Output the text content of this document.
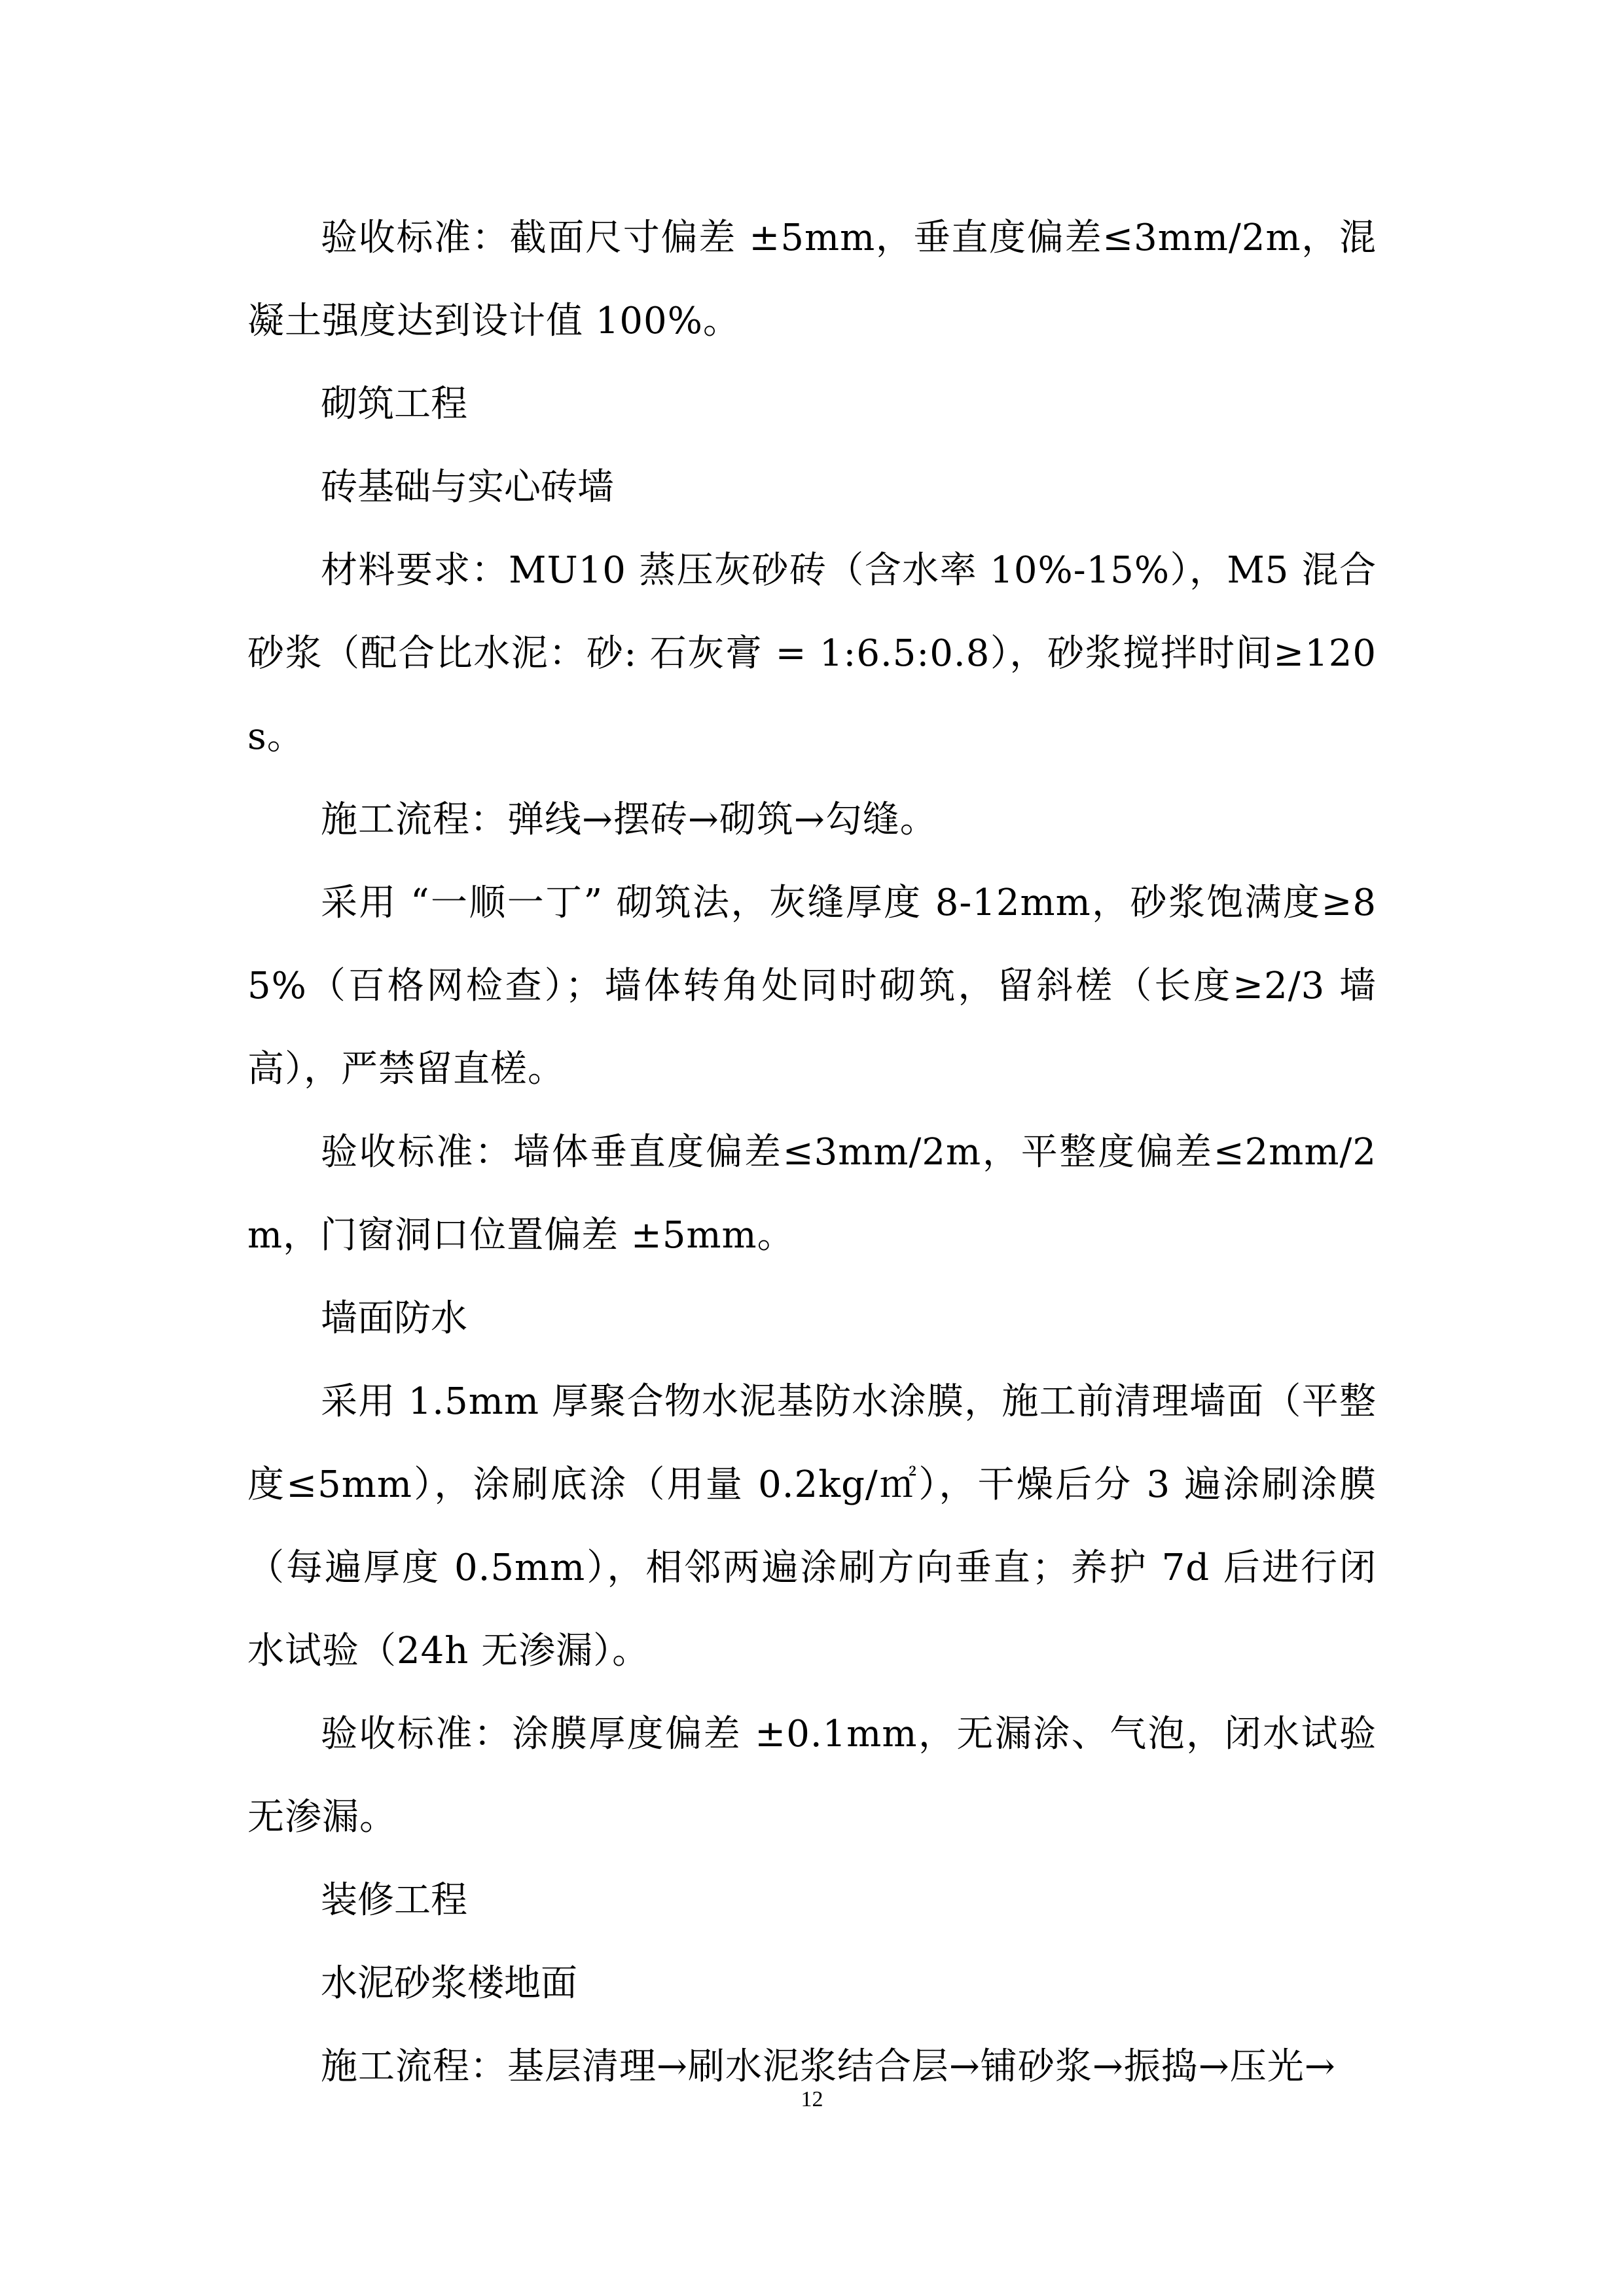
验收标准：截面尺寸偏差 ±5mm，垂直度偏差≤3mm/2m，混凝土强度达到设计值 100%。

砌筑工程

砖基础与实心砖墙

材料要求：MU10 蒸压灰砂砖（含水率 10%-15%），M5 混合砂浆（配合比水泥：砂: 石灰膏 = 1:6.5:0.8），砂浆搅拌时间≥120s。

施工流程：弹线→摆砖→砌筑→勾缝。

采用 “一顺一丁” 砌筑法，灰缝厚度 8-12mm，砂浆饱满度≥85%（百格网检查）；墙体转角处同时砌筑，留斜槎（长度≥2/3 墙高），严禁留直槎。

验收标准：墙体垂直度偏差≤3mm/2m，平整度偏差≤2mm/2m，门窗洞口位置偏差 ±5mm。

墙面防水

采用 1.5mm 厚聚合物水泥基防水涂膜，施工前清理墙面（平整度≤5mm），涂刷底涂（用量 0.2kg/㎡），干燥后分 3 遍涂刷涂膜（每遍厚度 0.5mm），相邻两遍涂刷方向垂直；养护 7d 后进行闭水试验（24h 无渗漏）。

验收标准：涂膜厚度偏差 ±0.1mm，无漏涂、气泡，闭水试验无渗漏。

装修工程

水泥砂浆楼地面

施工流程：基层清理→刷水泥浆结合层→铺砂浆→振捣→压光→

12
